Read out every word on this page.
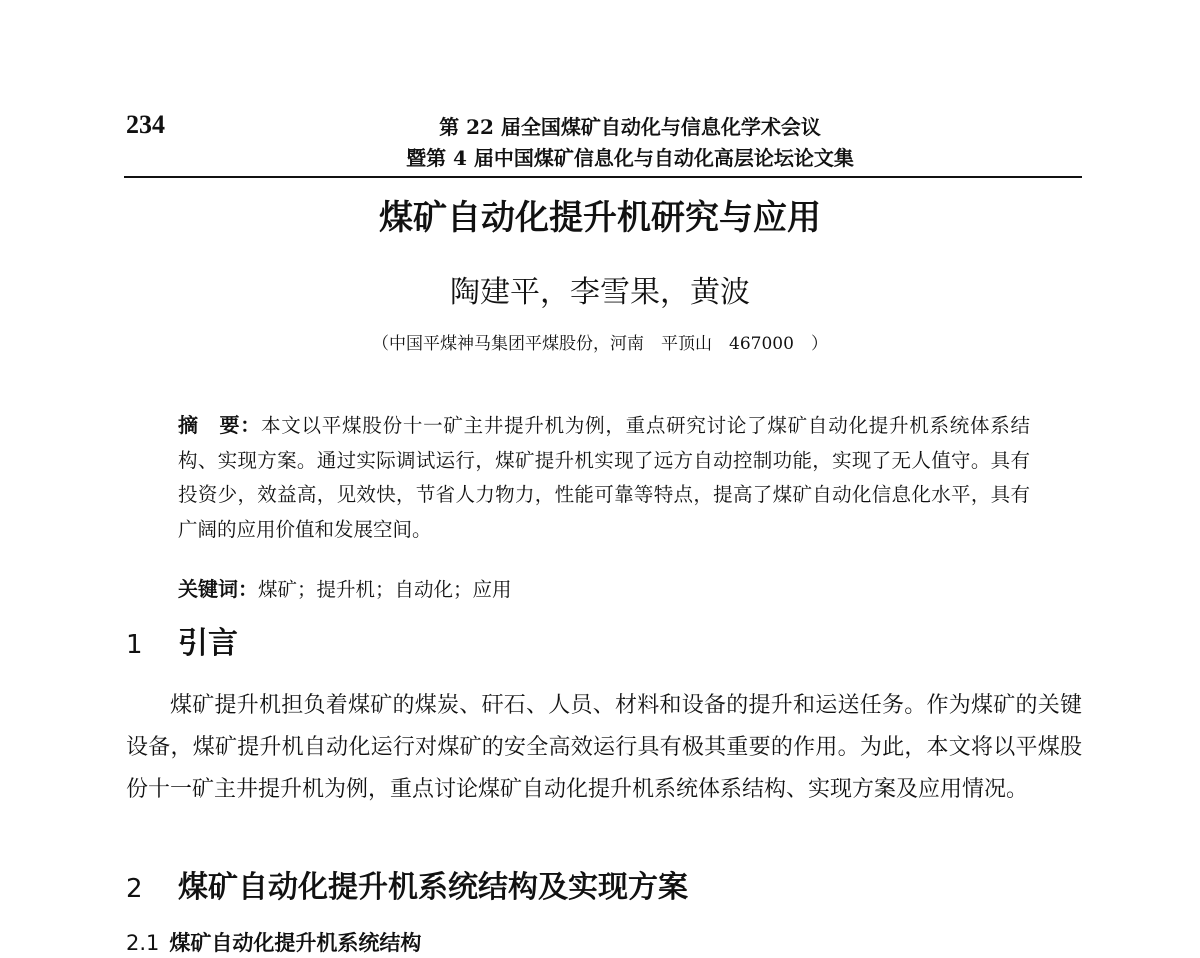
234	第 22 届全国煤矿自动化与信息化学术会议
暨第 4 届中国煤矿信息化与自动化高层论坛论文集
煤矿自动化提升机研究与应用
陶建平，李雪果，黄波
（中国平煤神马集团平煤股份，河南　平顶山　467000　）
摘　要：本文以平煤股份十一矿主井提升机为例，重点研究讨论了煤矿自动化提升机系统体系结构、实现方案。通过实际调试运行，煤矿提升机实现了远方自动控制功能，实现了无人值守。具有投资少，效益高，见效快，节省人力物力，性能可靠等特点，提高了煤矿自动化信息化水平，具有广阔的应用价值和发展空间。
关键词：煤矿；提升机；自动化；应用
1 引言
煤矿提升机担负着煤矿的煤炭、矸石、人员、材料和设备的提升和运送任务。作为煤矿的关键设备，煤矿提升机自动化运行对煤矿的安全高效运行具有极其重要的作用。为此，本文将以平煤股份十一矿主井提升机为例，重点讨论煤矿自动化提升机系统体系结构、实现方案及应用情况。
2 煤矿自动化提升机系统结构及实现方案
2.1 煤矿自动化提升机系统结构
